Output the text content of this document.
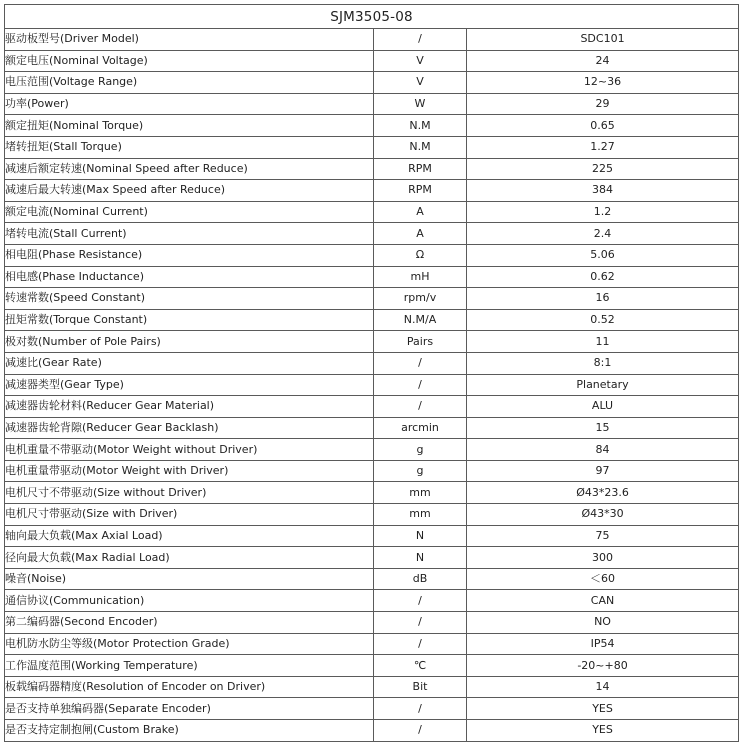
SJM3505-08		
驱动板型号(Driver Model)	/	SDC101
额定电压(Nominal Voltage)	V	24
电压范围(Voltage Range)	V	12~36
功率(Power)	W	29
额定扭矩(Nominal Torque)	N.M	0.65
堵转扭矩(Stall Torque)	N.M	1.27
减速后额定转速(Nominal Speed after Reduce)	RPM	225
减速后最大转速(Max Speed after Reduce)	RPM	384
额定电流(Nominal Current)	A	1.2
堵转电流(Stall Current)	A	2.4
相电阻(Phase Resistance)	Ω	5.06
相电感(Phase Inductance)	mH	0.62
转速常数(Speed Constant)	rpm/v	16
扭矩常数(Torque Constant)	N.M/A	0.52
极对数(Number of Pole Pairs)	Pairs	11
减速比(Gear Rate)	/	8:1
减速器类型(Gear Type)	/	Planetary
减速器齿轮材料(Reducer Gear Material)	/	ALU
减速器齿轮背隙(Reducer Gear Backlash)	arcmin	15
电机重量不带驱动(Motor Weight without Driver)	g	84
电机重量带驱动(Motor Weight with Driver)	g	97
电机尺寸不带驱动(Size without Driver)	mm	Ø43*23.6
电机尺寸带驱动(Size with Driver)	mm	Ø43*30
轴向最大负载(Max Axial Load)	N	75
径向最大负载(Max Radial Load)	N	300
噪音(Noise)	dB	＜60
通信协议(Communication)	/	CAN
第二编码器(Second Encoder)	/	NO
电机防水防尘等级(Motor Protection Grade)	/	IP54
工作温度范围(Working Temperature)	℃	-20~+80
板载编码器精度(Resolution of Encoder on Driver)	Bit	14
是否支持单独编码器(Separate Encoder)	/	YES
是否支持定制抱闸(Custom Brake)	/	YES
